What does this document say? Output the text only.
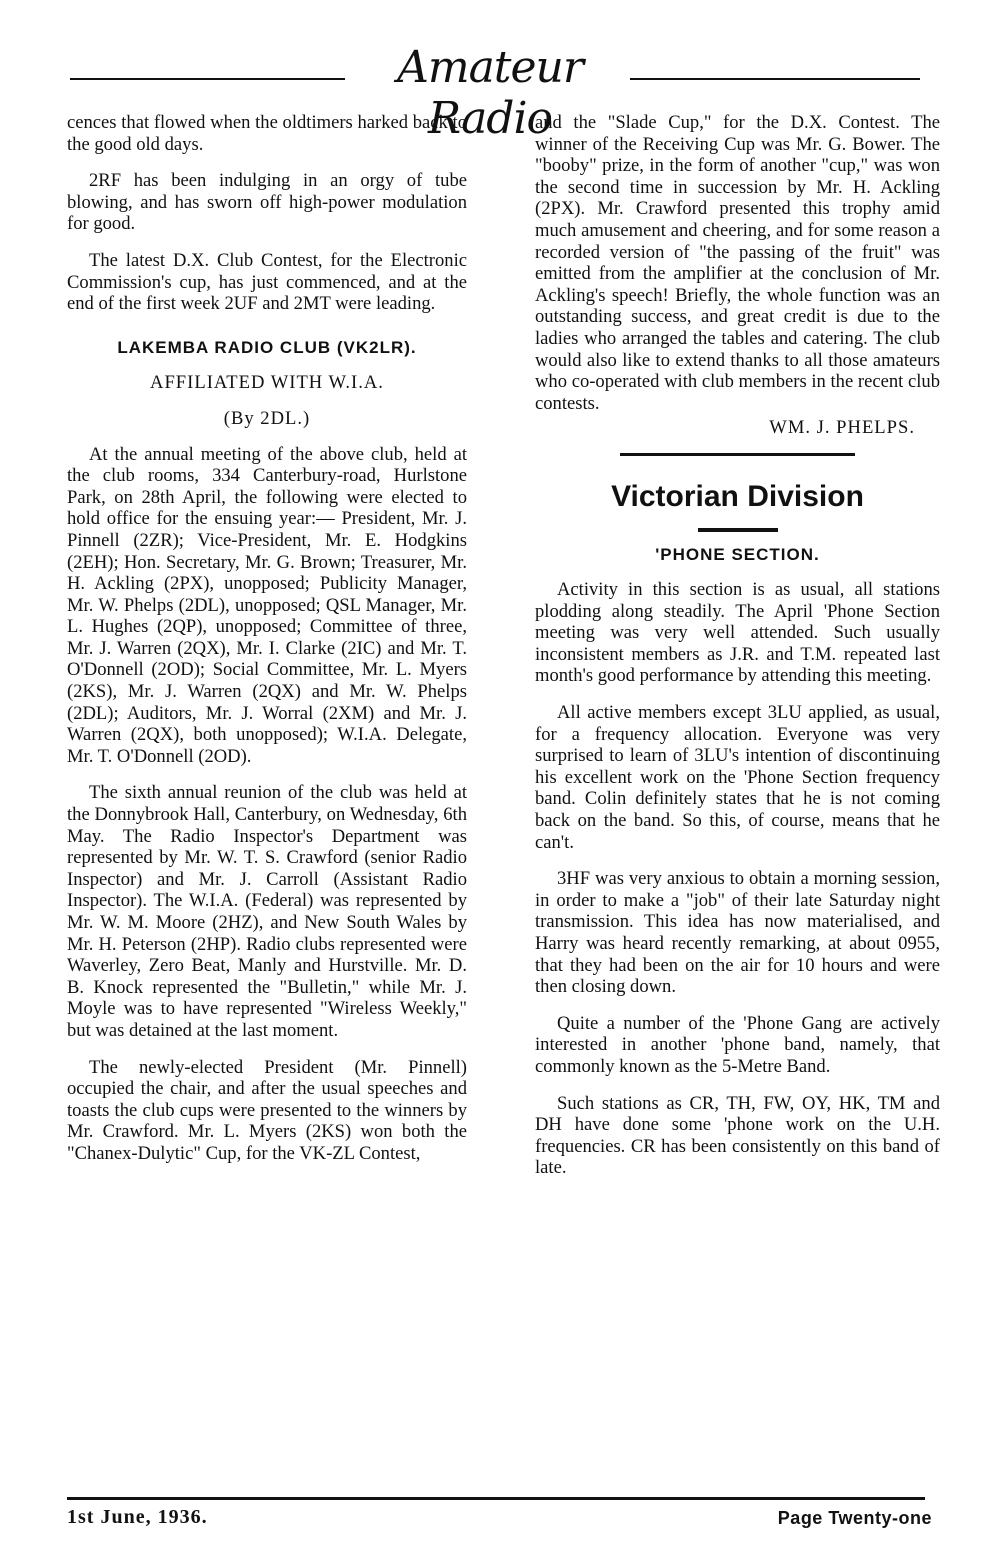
Amateur Radio

cences that flowed when the oldtimers harked back to the good old days.

2RF has been indulging in an orgy of tube blowing, and has sworn off high-power modulation for good.

The latest D.X. Club Contest, for the Electronic Commission's cup, has just commenced, and at the end of the first week 2UF and 2MT were leading.

LAKEMBA RADIO CLUB (VK2LR).
AFFILIATED WITH W.I.A.
(By 2DL.)

At the annual meeting of the above club, held at the club rooms, 334 Canterbury-road, Hurlstone Park, on 28th April, the following were elected to hold office for the ensuing year:— President, Mr. J. Pinnell (2ZR); Vice-President, Mr. E. Hodgkins (2EH); Hon. Secretary, Mr. G. Brown; Treasurer, Mr. H. Ackling (2PX), unopposed; Publicity Manager, Mr. W. Phelps (2DL), unopposed; QSL Manager, Mr. L. Hughes (2QP), unopposed; Committee of three, Mr. J. Warren (2QX), Mr. I. Clarke (2IC) and Mr. T. O'Donnell (2OD); Social Committee, Mr. L. Myers (2KS), Mr. J. Warren (2QX) and Mr. W. Phelps (2DL); Auditors, Mr. J. Worral (2XM) and Mr. J. Warren (2QX), both unopposed); W.I.A. Delegate, Mr. T. O'Donnell (2OD).

The sixth annual reunion of the club was held at the Donnybrook Hall, Canterbury, on Wednesday, 6th May. The Radio Inspector's Department was represented by Mr. W. T. S. Crawford (senior Radio Inspector) and Mr. J. Carroll (Assistant Radio Inspector). The W.I.A. (Federal) was represented by Mr. W. M. Moore (2HZ), and New South Wales by Mr. H. Peterson (2HP). Radio clubs represented were Waverley, Zero Beat, Manly and Hurstville. Mr. D. B. Knock represented the "Bulletin," while Mr. J. Moyle was to have represented "Wireless Weekly," but was detained at the last moment.

The newly-elected President (Mr. Pinnell) occupied the chair, and after the usual speeches and toasts the club cups were presented to the winners by Mr. Crawford. Mr. L. Myers (2KS) won both the "Chanex-Dulytic" Cup, for the VK-ZL Contest,

and the "Slade Cup," for the D.X. Contest. The winner of the Receiving Cup was Mr. G. Bower. The "booby" prize, in the form of another "cup," was won the second time in succession by Mr. H. Ackling (2PX). Mr. Crawford presented this trophy amid much amusement and cheering, and for some reason a recorded version of "the passing of the fruit" was emitted from the amplifier at the conclusion of Mr. Ackling's speech! Briefly, the whole function was an outstanding success, and great credit is due to the ladies who arranged the tables and catering. The club would also like to extend thanks to all those amateurs who co-operated with club members in the recent club contests.

WM. J. PHELPS.
Victorian Division
'PHONE SECTION.

Activity in this section is as usual, all stations plodding along steadily. The April 'Phone Section meeting was very well attended. Such usually inconsistent members as J.R. and T.M. repeated last month's good performance by attending this meeting.

All active members except 3LU applied, as usual, for a frequency allocation. Everyone was very surprised to learn of 3LU's intention of discontinuing his excellent work on the 'Phone Section frequency band. Colin definitely states that he is not coming back on the band. So this, of course, means that he can't.

3HF was very anxious to obtain a morning session, in order to make a "job" of their late Saturday night transmission. This idea has now materialised, and Harry was heard recently remarking, at about 0955, that they had been on the air for 10 hours and were then closing down.

Quite a number of the 'Phone Gang are actively interested in another 'phone band, namely, that commonly known as the 5-Metre Band.

Such stations as CR, TH, FW, OY, HK, TM and DH have done some 'phone work on the U.H. frequencies. CR has been consistently on this band of late.

1st June, 1936.	Page Twenty-one
